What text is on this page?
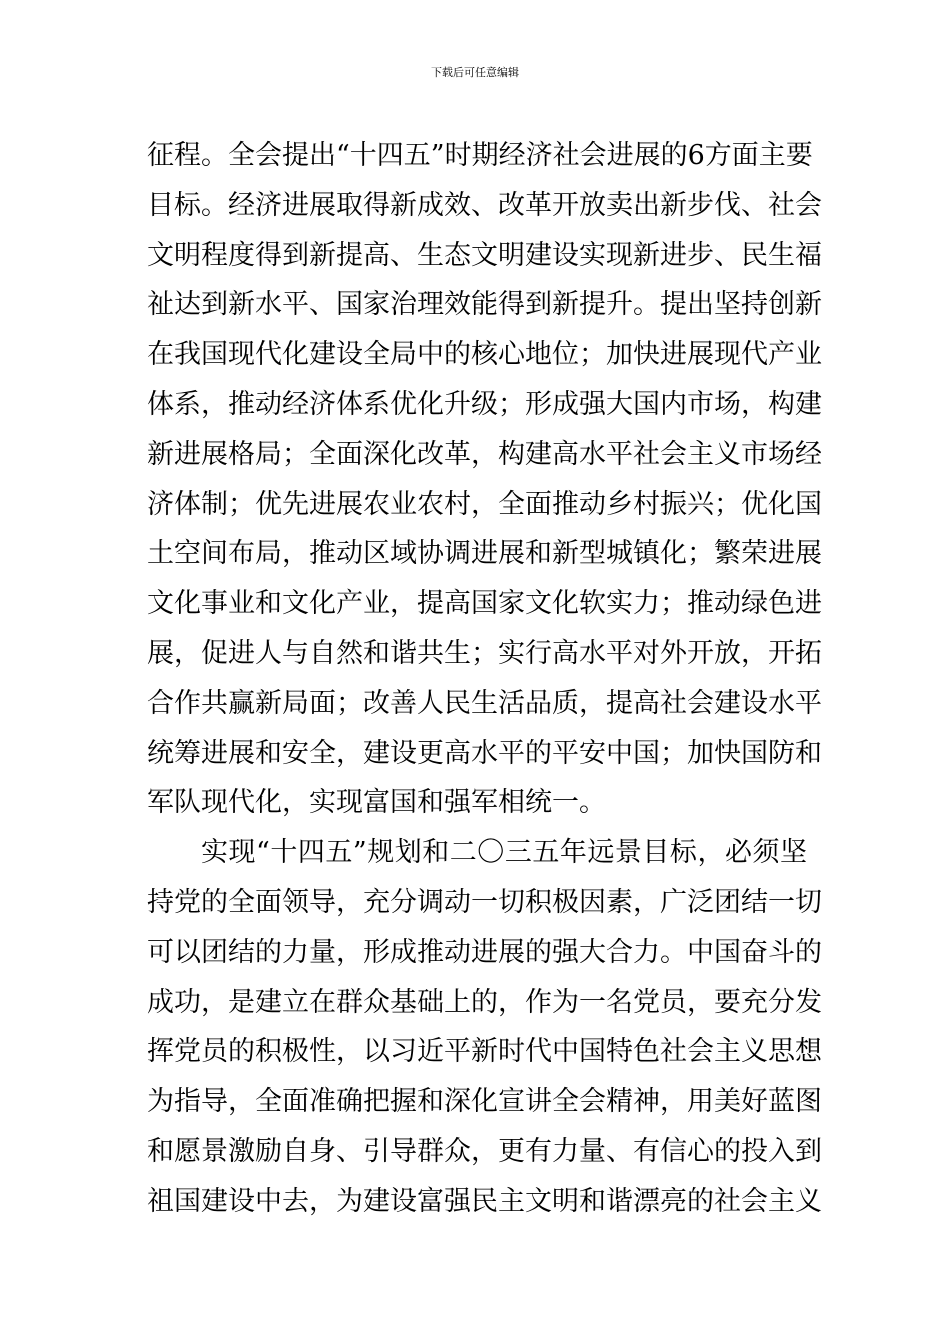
下载后可任意编辑
征程。全会提出“十四五”时期经济社会进展的6方面主要
目标。经济进展取得新成效、改革开放卖出新步伐、社会
文明程度得到新提高、生态文明建设实现新进步、民生福
祉达到新水平、国家治理效能得到新提升。提出坚持创新
在我国现代化建设全局中的核心地位；加快进展现代产业
体系，推动经济体系优化升级；形成强大国内市场，构建
新进展格局；全面深化改革，构建高水平社会主义市场经
济体制；优先进展农业农村，全面推动乡村振兴；优化国
土空间布局，推动区域协调进展和新型城镇化；繁荣进展
文化事业和文化产业，提高国家文化软实力；推动绿色进
展，促进人与自然和谐共生；实行高水平对外开放，开拓
合作共赢新局面；改善人民生活品质，提高社会建设水平
统筹进展和安全，建设更高水平的平安中国；加快国防和
军队现代化，实现富国和强军相统一。
实现“十四五”规划和二〇三五年远景目标，必须坚
持党的全面领导，充分调动一切积极因素，广泛团结一切
可以团结的力量，形成推动进展的强大合力。中国奋斗的
成功，是建立在群众基础上的，作为一名党员，要充分发
挥党员的积极性，以习近平新时代中国特色社会主义思想
为指导，全面准确把握和深化宣讲全会精神，用美好蓝图
和愿景激励自身、引导群众，更有力量、有信心的投入到
祖国建设中去，为建设富强民主文明和谐漂亮的社会主义
